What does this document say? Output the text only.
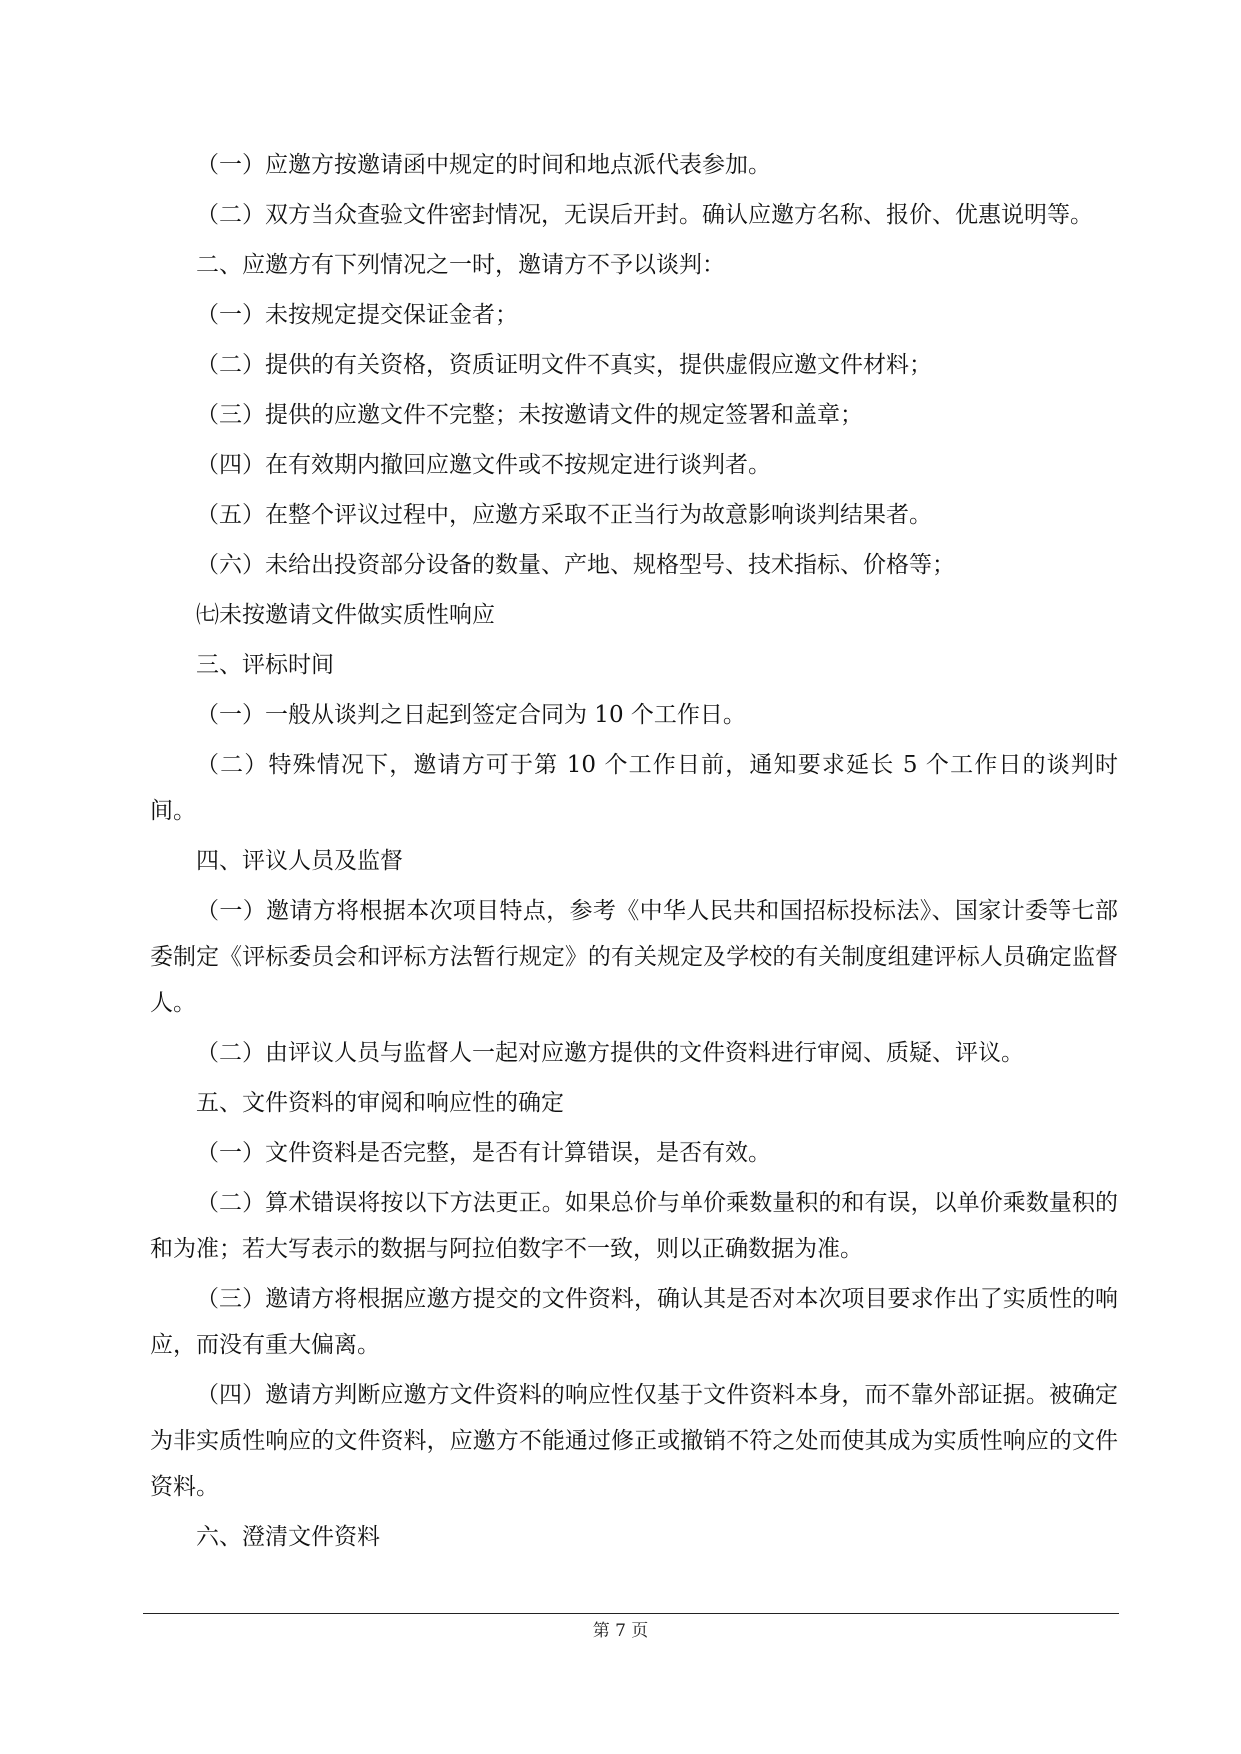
（一）应邀方按邀请函中规定的时间和地点派代表参加。

（二）双方当众查验文件密封情况，无误后开封。确认应邀方名称、报价、优惠说明等。

二、应邀方有下列情况之一时，邀请方不予以谈判：

（一）未按规定提交保证金者；

（二）提供的有关资格，资质证明文件不真实，提供虚假应邀文件材料；

（三）提供的应邀文件不完整；未按邀请文件的规定签署和盖章；

（四）在有效期内撤回应邀文件或不按规定进行谈判者。

（五）在整个评议过程中，应邀方采取不正当行为故意影响谈判结果者。

（六）未给出投资部分设备的数量、产地、规格型号、技术指标、价格等；

㈦未按邀请文件做实质性响应

三、评标时间

（一）一般从谈判之日起到签定合同为 10 个工作日。

（二）特殊情况下，邀请方可于第 10 个工作日前，通知要求延长 5 个工作日的谈判时间。

四、评议人员及监督

（一）邀请方将根据本次项目特点，参考《中华人民共和国招标投标法》、国家计委等七部委制定《评标委员会和评标方法暂行规定》的有关规定及学校的有关制度组建评标人员确定监督人。

（二）由评议人员与监督人一起对应邀方提供的文件资料进行审阅、质疑、评议。

五、文件资料的审阅和响应性的确定

（一）文件资料是否完整，是否有计算错误，是否有效。

（二）算术错误将按以下方法更正。如果总价与单价乘数量积的和有误，以单价乘数量积的和为准；若大写表示的数据与阿拉伯数字不一致，则以正确数据为准。

（三）邀请方将根据应邀方提交的文件资料，确认其是否对本次项目要求作出了实质性的响应，而没有重大偏离。

（四）邀请方判断应邀方文件资料的响应性仅基于文件资料本身，而不靠外部证据。被确定为非实质性响应的文件资料，应邀方不能通过修正或撤销不符之处而使其成为实质性响应的文件资料。

六、澄清文件资料

第 7 页
